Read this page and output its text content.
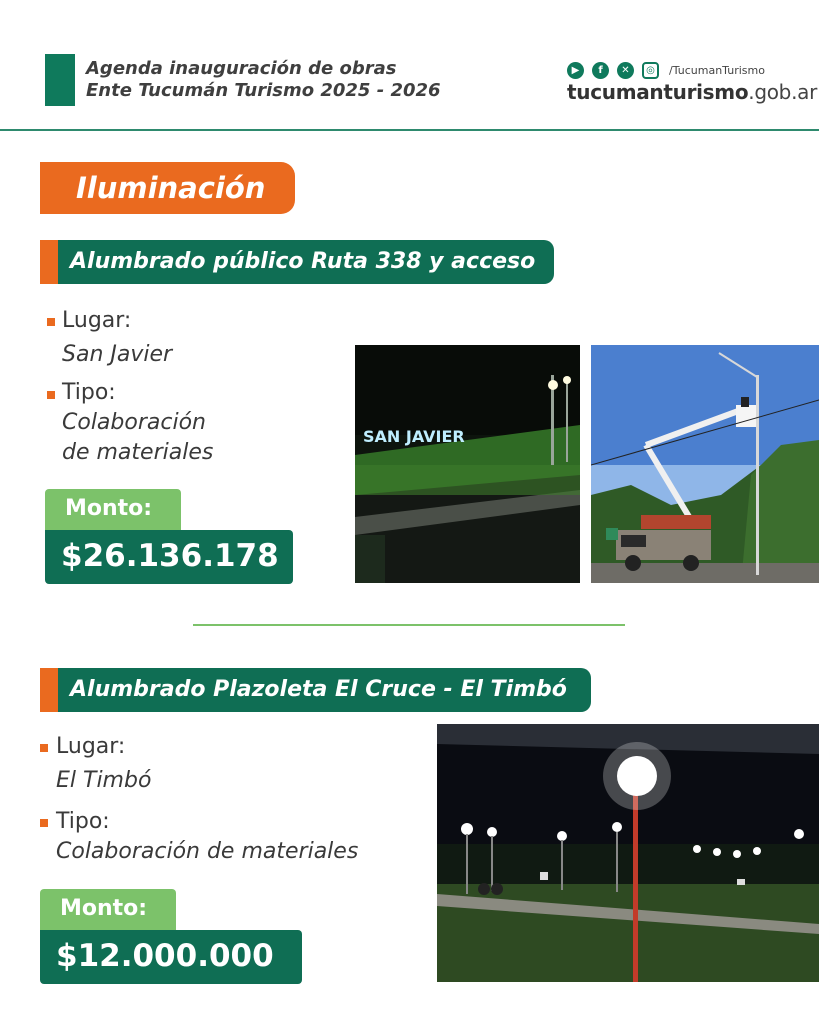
Agenda inauguración de obras
Ente Tucumán Turismo 2025 - 2026
▶	f	✕	◎	/TucumanTurismo
tucumanturismo.gob.ar
Iluminación
Alumbrado público Ruta 338 y acceso
Lugar:
San Javier
Tipo:
Colaboración
de materiales
Monto:
$26.136.178
SAN JAVIER
Alumbrado Plazoleta El Cruce - El Timbó
Lugar:
El Timbó
Tipo:
Colaboración de materiales
Monto:
$12.000.000
